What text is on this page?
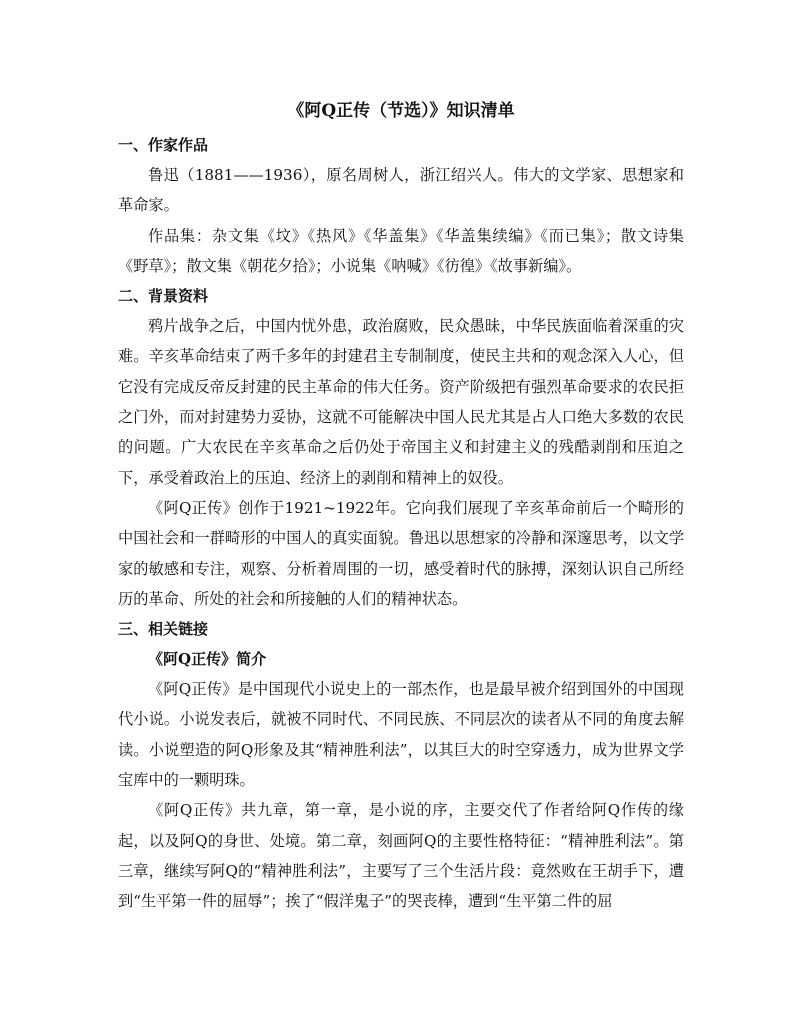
《阿Q正传（节选）》知识清单
一、作家作品

鲁迅（1881——1936），原名周树人，浙江绍兴人。伟大的文学家、思想家和革命家。

作品集：杂文集《坟》《热风》《华盖集》《华盖集续编》《而已集》；散文诗集《野草》；散文集《朝花夕拾》；小说集《呐喊》《彷徨》《故事新编》。

二、背景资料

鸦片战争之后，中国内忧外患，政治腐败，民众愚昧，中华民族面临着深重的灾难。辛亥革命结束了两千多年的封建君主专制制度，使民主共和的观念深入人心，但它没有完成反帝反封建的民主革命的伟大任务。资产阶级把有强烈革命要求的农民拒之门外，而对封建势力妥协，这就不可能解决中国人民尤其是占人口绝大多数的农民的问题。广大农民在辛亥革命之后仍处于帝国主义和封建主义的残酷剥削和压迫之下，承受着政治上的压迫、经济上的剥削和精神上的奴役。

《阿Q正传》创作于1921~1922年。它向我们展现了辛亥革命前后一个畸形的中国社会和一群畸形的中国人的真实面貌。鲁迅以思想家的冷静和深邃思考，以文学家的敏感和专注，观察、分析着周围的一切，感受着时代的脉搏，深刻认识自己所经历的革命、所处的社会和所接触的人们的精神状态。

三、相关链接
《阿Q正传》简介

《阿Q正传》是中国现代小说史上的一部杰作，也是最早被介绍到国外的中国现代小说。小说发表后，就被不同时代、不同民族、不同层次的读者从不同的角度去解读。小说塑造的阿Q形象及其“精神胜利法”，以其巨大的时空穿透力，成为世界文学宝库中的一颗明珠。

《阿Q正传》共九章，第一章，是小说的序，主要交代了作者给阿Q作传的缘起，以及阿Q的身世、处境。第二章，刻画阿Q的主要性格特征：“精神胜利法”。第三章，继续写阿Q的“精神胜利法”，主要写了三个生活片段：竟然败在王胡手下，遭到“生平第一件的屈辱”；挨了“假洋鬼子”的哭丧棒，遭到“生平第二件的屈
